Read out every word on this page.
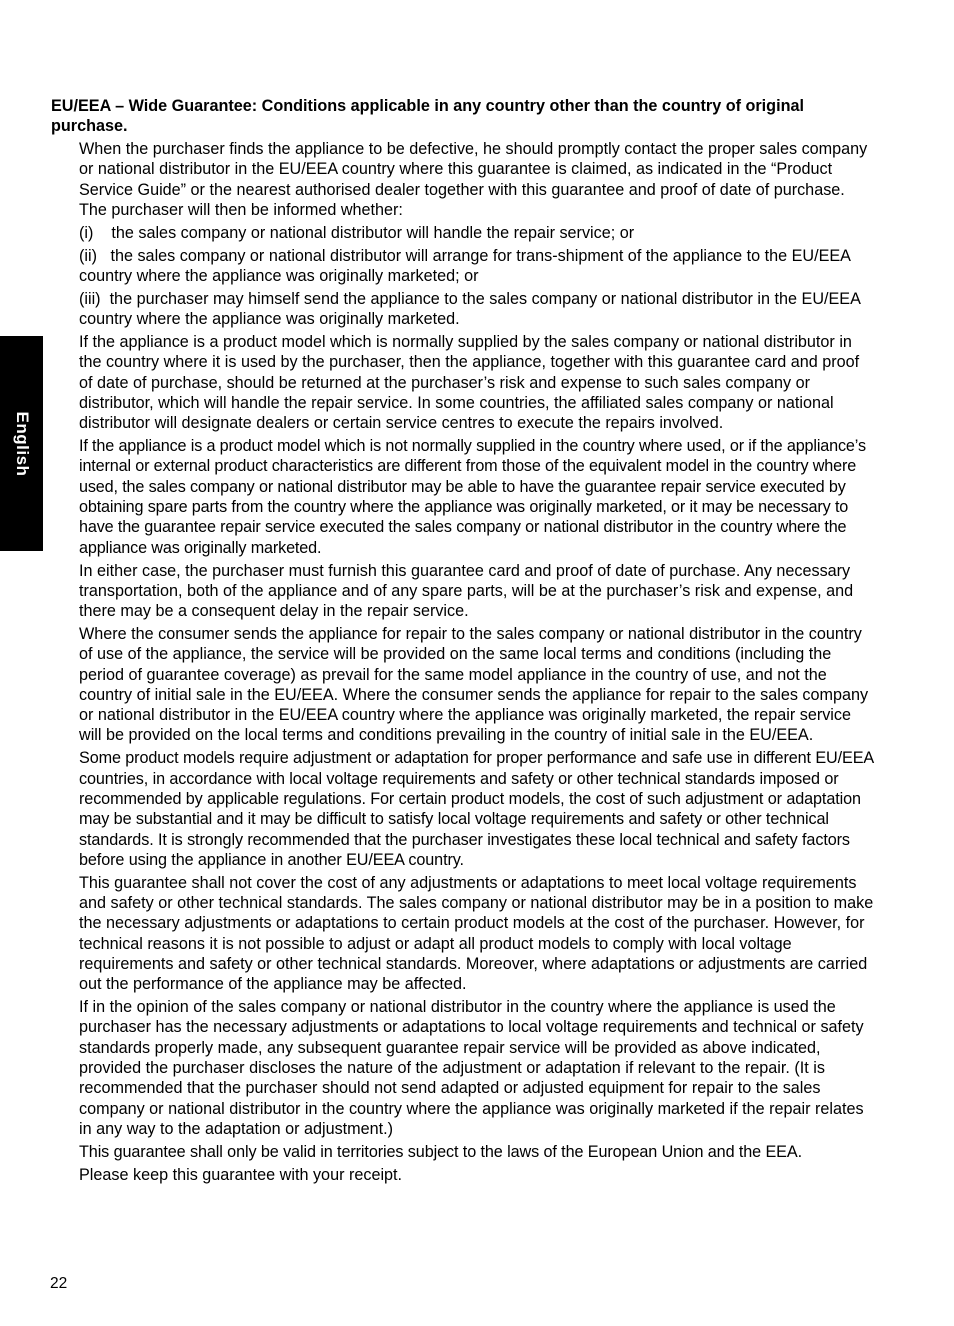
English
EU/EEA – Wide Guarantee: Conditions applicable in any country other than the country of original purchase.

When the purchaser finds the appliance to be defective, he should promptly contact the proper sales company or national distributor in the EU/EEA country where this guarantee is claimed, as indicated in the “Product Service Guide” or the nearest authorised dealer together with this guarantee and proof of date of purchase. The purchaser will then be informed whether:

(i)    the sales company or national distributor will handle the repair service; or

(ii)   the sales company or national distributor will arrange for trans-shipment of the appliance to the EU/EEA country where the appliance was originally marketed; or

(iii)  the purchaser may himself send the appliance to the sales company or national distributor in the EU/EEA country where the appliance was originally marketed.

If the appliance is a product model which is normally supplied by the sales company or national distributor in the country where it is used by the purchaser, then the appliance, together with this guarantee card and proof of date of purchase, should be returned at the purchaser’s risk and expense to such sales company or distributor, which will handle the repair service. In some countries, the affiliated sales company or national distributor will designate dealers or certain service centres to execute the repairs involved.

If the appliance is a product model which is not normally supplied in the country where used, or if the appliance’s internal or external product characteristics are different from those of the equivalent model in the country where used, the sales company or national distributor may be able to have the guarantee repair service executed by obtaining spare parts from the country where the appliance was originally marketed, or it may be necessary to have the guarantee repair service executed the sales company or national distributor in the country where the appliance was originally marketed.

In either case, the purchaser must furnish this guarantee card and proof of date of purchase. Any necessary transportation, both of the appliance and of any spare parts, will be at the purchaser’s risk and expense, and there may be a consequent delay in the repair service.

Where the consumer sends the appliance for repair to the sales company or national distributor in the country of use of the appliance, the service will be provided on the same local terms and conditions (including the period of guarantee coverage) as prevail for the same model appliance in the country of use, and not the country of initial sale in the EU/EEA. Where the consumer sends the appliance for repair to the sales company or national distributor in the EU/EEA country where the appliance was originally marketed, the repair service will be provided on the local terms and conditions prevailing in the country of initial sale in the EU/EEA.

Some product models require adjustment or adaptation for proper performance and safe use in different EU/EEA countries, in accordance with local voltage requirements and safety or other technical standards imposed or recommended by applicable regulations. For certain product models, the cost of such adjustment or adaptation may be substantial and it may be difficult to satisfy local voltage requirements and safety or other technical standards. It is strongly recommended that the purchaser investigates these local technical and safety factors before using the appliance in another EU/EEA country.

This guarantee shall not cover the cost of any adjustments or adaptations to meet local voltage requirements and safety or other technical standards. The sales company or national distributor may be in a position to make the necessary adjustments or adaptations to certain product models at the cost of the purchaser. However, for technical reasons it is not possible to adjust or adapt all product models to comply with local voltage requirements and safety or other technical standards. Moreover, where adaptations or adjustments are carried out the performance of the appliance may be affected.

If in the opinion of the sales company or national distributor in the country where the appliance is used the purchaser has the necessary adjustments or adaptations to local voltage requirements and technical or safety standards properly made, any subsequent guarantee repair service will be provided as above indicated, provided the purchaser discloses the nature of the adjustment or adaptation if relevant to the repair. (It is recommended that the purchaser should not send adapted or adjusted equipment for repair to the sales company or national distributor in the country where the appliance was originally marketed if the repair relates in any way to the adaptation or adjustment.)

This guarantee shall only be valid in territories subject to the laws of the European Union and the EEA.

Please keep this guarantee with your receipt.

22
